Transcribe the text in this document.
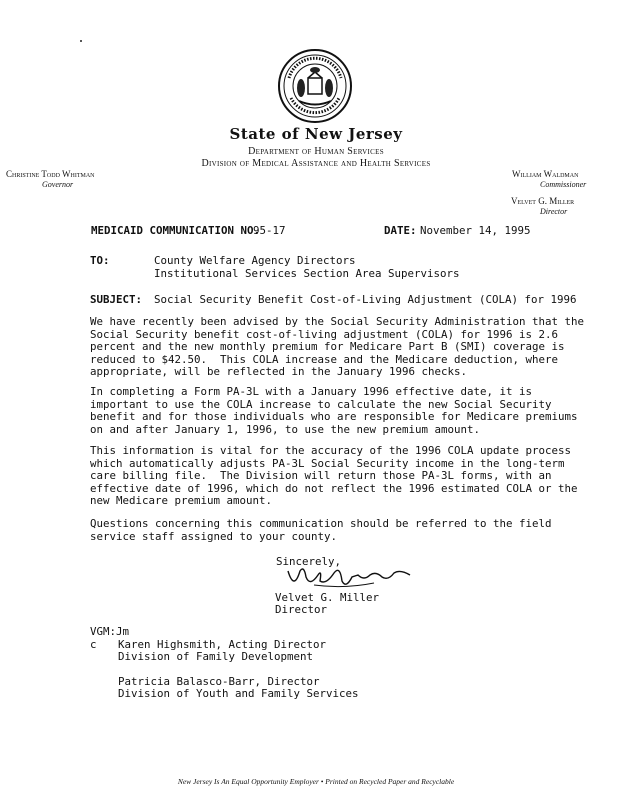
State of New Jersey
Department of Human Services
Division of Medical Assistance and Health Services
Christine Todd Whitman
Governor
William Waldman
Commissioner
Velvet G. Miller
Director
MEDICAID COMMUNICATION NO.
95-17	DATE: November 14, 1995
TO:	County Welfare Agency Directors
Institutional Services Section Area Supervisors
SUBJECT: Social Security Benefit Cost-of-Living Adjustment (COLA) for 1996
We have recently been advised by the Social Security Administration that the
Social Security benefit cost-of-living adjustment (COLA) for 1996 is 2.6
percent and the new monthly premium for Medicare Part B (SMI) coverage is
reduced to $42.50.  This COLA increase and the Medicare deduction, where
appropriate, will be reflected in the January 1996 checks.
In completing a Form PA-3L with a January 1996 effective date, it is
important to use the COLA increase to calculate the new Social Security
benefit and for those individuals who are responsible for Medicare premiums
on and after January 1, 1996, to use the new premium amount.
This information is vital for the accuracy of the 1996 COLA update process
which automatically adjusts PA-3L Social Security income in the long-term
care billing file.  The Division will return those PA-3L forms, with an
effective date of 1996, which do not reflect the 1996 estimated COLA or the
new Medicare premium amount.
Questions concerning this communication should be referred to the field
service staff assigned to your county.
Sincerely,
Velvet G. Miller
Director
VGM:Jm
c Karen Highsmith, Acting Director
Division of Family Development
Patricia Balasco-Barr, Director
Division of Youth and Family Services
New Jersey Is An Equal Opportunity Employer • Printed on Recycled Paper and Recyclable
